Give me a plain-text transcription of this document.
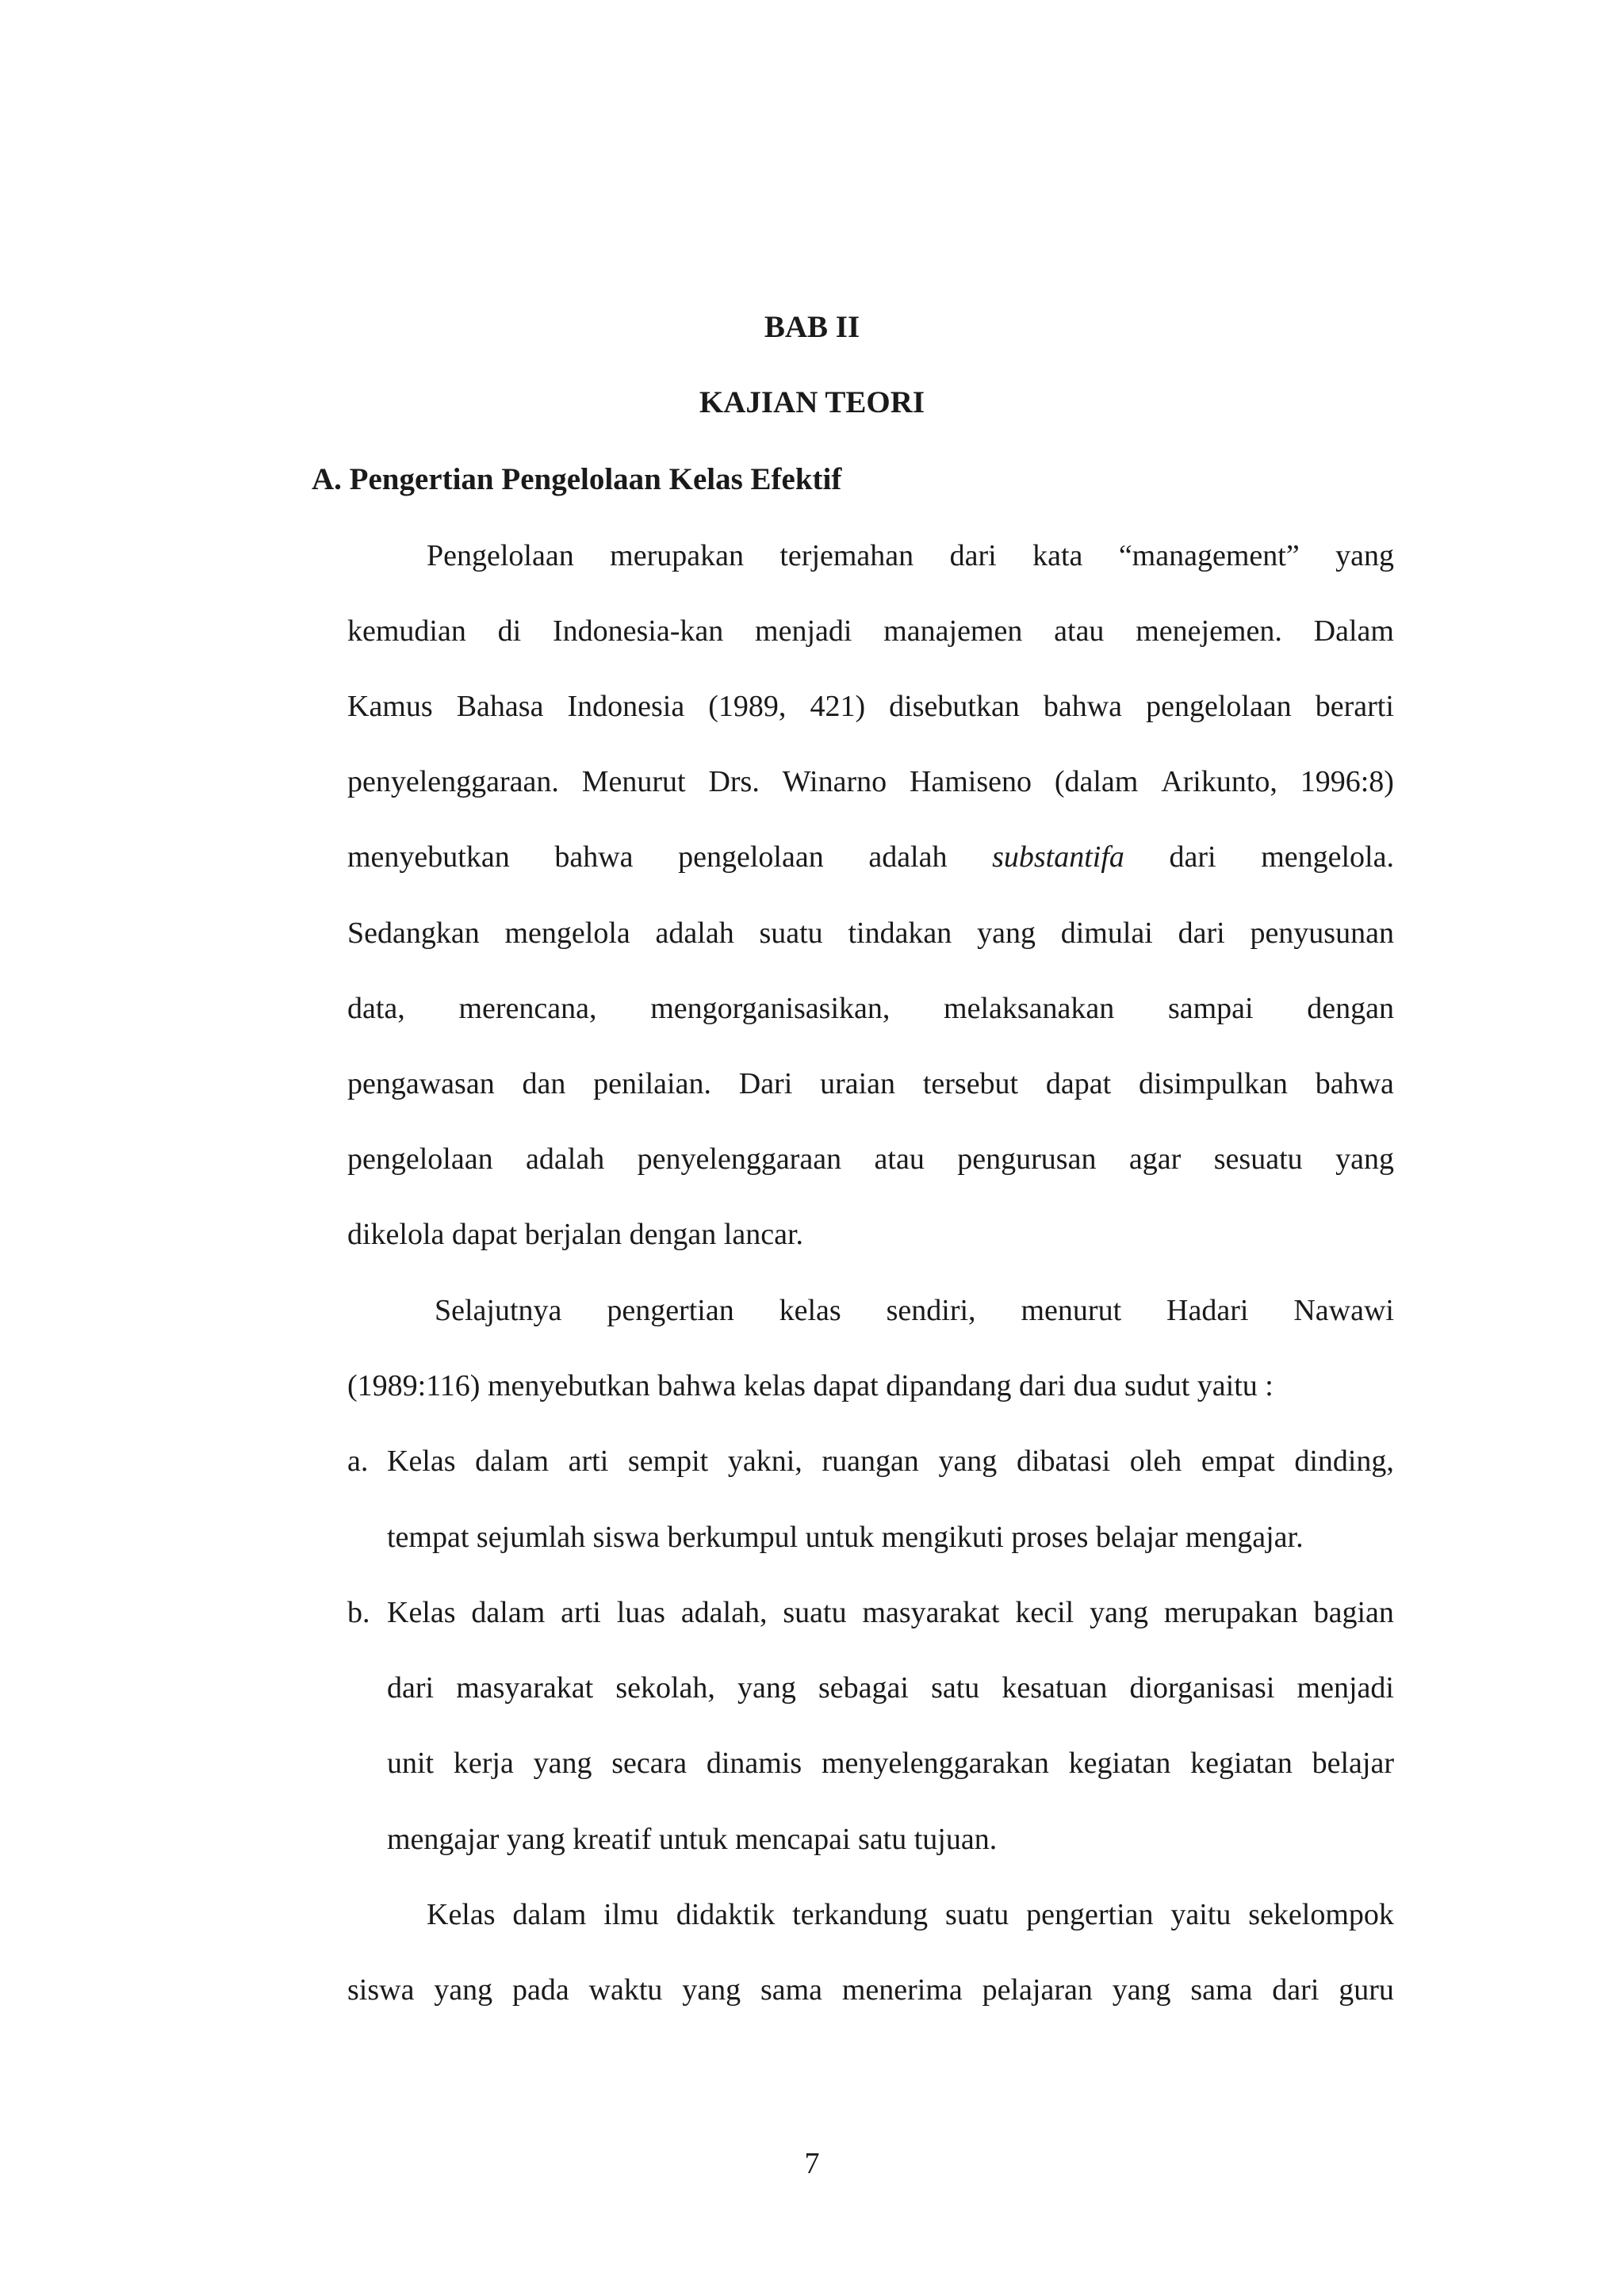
BAB II
KAJIAN TEORI
A. Pengertian Pengelolaan Kelas Efektif
Pengelolaan merupakan terjemahan dari kata “management” yang
kemudian di Indonesia-kan menjadi manajemen atau menejemen. Dalam
Kamus Bahasa Indonesia (1989, 421) disebutkan bahwa pengelolaan berarti
penyelenggaraan. Menurut Drs. Winarno Hamiseno (dalam Arikunto, 1996:8)
menyebutkan bahwa pengelolaan adalah substantifa dari mengelola.
Sedangkan mengelola adalah suatu tindakan yang dimulai dari penyusunan
data, merencana, mengorganisasikan, melaksanakan sampai dengan
pengawasan dan penilaian. Dari uraian tersebut dapat disimpulkan bahwa
pengelolaan adalah penyelenggaraan atau pengurusan agar sesuatu yang
dikelola dapat berjalan dengan lancar.
Selajutnya pengertian kelas sendiri, menurut Hadari Nawawi
(1989:116) menyebutkan bahwa kelas dapat dipandang dari dua sudut yaitu :
a. Kelas dalam arti sempit yakni, ruangan yang dibatasi oleh empat dinding,
tempat sejumlah siswa berkumpul untuk mengikuti proses belajar mengajar.
b. Kelas dalam arti luas adalah, suatu masyarakat kecil yang merupakan bagian
dari masyarakat sekolah, yang sebagai satu kesatuan diorganisasi menjadi
unit kerja yang secara dinamis menyelenggarakan kegiatan kegiatan belajar
mengajar yang kreatif untuk mencapai satu tujuan.
Kelas dalam ilmu didaktik terkandung suatu pengertian yaitu sekelompok
siswa yang pada waktu yang sama menerima pelajaran yang sama dari guru
7
